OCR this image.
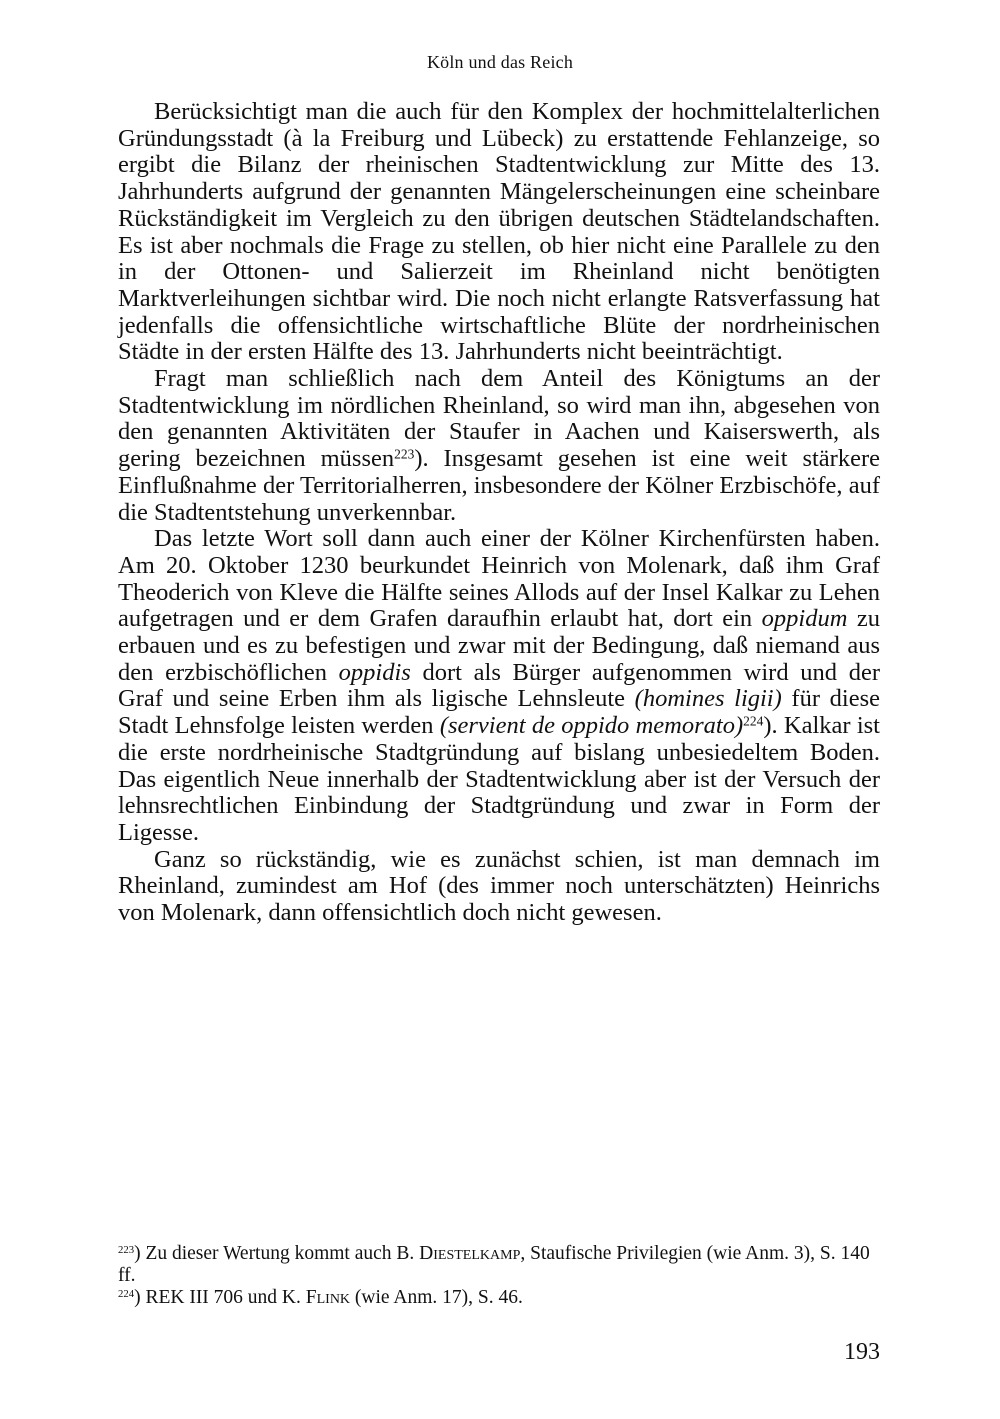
Köln und das Reich

Berücksichtigt man die auch für den Komplex der hochmittelalterlichen Gründungsstadt (à la Freiburg und Lübeck) zu erstattende Fehlanzeige, so ergibt die Bilanz der rheinischen Stadtentwicklung zur Mitte des 13. Jahrhunderts aufgrund der genannten Mängelerscheinungen eine scheinbare Rückständigkeit im Vergleich zu den übrigen deutschen Städtelandschaften. Es ist aber nochmals die Frage zu stellen, ob hier nicht eine Parallele zu den in der Ottonen- und Salierzeit im Rheinland nicht benötigten Marktverleihungen sichtbar wird. Die noch nicht erlangte Ratsverfassung hat jedenfalls die offensichtliche wirtschaftliche Blüte der nordrheinischen Städte in der ersten Hälfte des 13. Jahrhunderts nicht beeinträchtigt.

Fragt man schließlich nach dem Anteil des Königtums an der Stadtentwicklung im nördlichen Rheinland, so wird man ihn, abgesehen von den genannten Aktivitäten der Staufer in Aachen und Kaiserswerth, als gering bezeichnen müssen$^{223}$). Insgesamt gesehen ist eine weit stärkere Einflußnahme der Territorialherren, insbesondere der Kölner Erzbischöfe, auf die Stadtentstehung unverkennbar.

Das letzte Wort soll dann auch einer der Kölner Kirchenfürsten haben. Am 20. Oktober 1230 beurkundet Heinrich von Molenark, daß ihm Graf Theoderich von Kleve die Hälfte seines Allods auf der Insel Kalkar zu Lehen aufgetragen und er dem Grafen daraufhin erlaubt hat, dort ein oppidum zu erbauen und es zu befestigen und zwar mit der Bedingung, daß niemand aus den erzbischöflichen oppidis dort als Bürger aufgenommen wird und der Graf und seine Erben ihm als ligische Lehnsleute (homines ligii) für diese Stadt Lehnsfolge leisten werden (servient de oppido memorato)$^{224}$). Kalkar ist die erste nordrheinische Stadtgründung auf bislang unbesiedeltem Boden. Das eigentlich Neue innerhalb der Stadtentwicklung aber ist der Versuch der lehnsrechtlichen Einbindung der Stadtgründung und zwar in Form der Ligesse.

Ganz so rückständig, wie es zunächst schien, ist man demnach im Rheinland, zumindest am Hof (des immer noch unterschätzten) Heinrichs von Molenark, dann offensichtlich doch nicht gewesen.

$^{223}$) Zu dieser Wertung kommt auch B. Diestelkamp, Staufische Privilegien (wie Anm. 3), S. 140 ff.
$^{224}$) REK III 706 und K. Flink (wie Anm. 17), S. 46.
193
